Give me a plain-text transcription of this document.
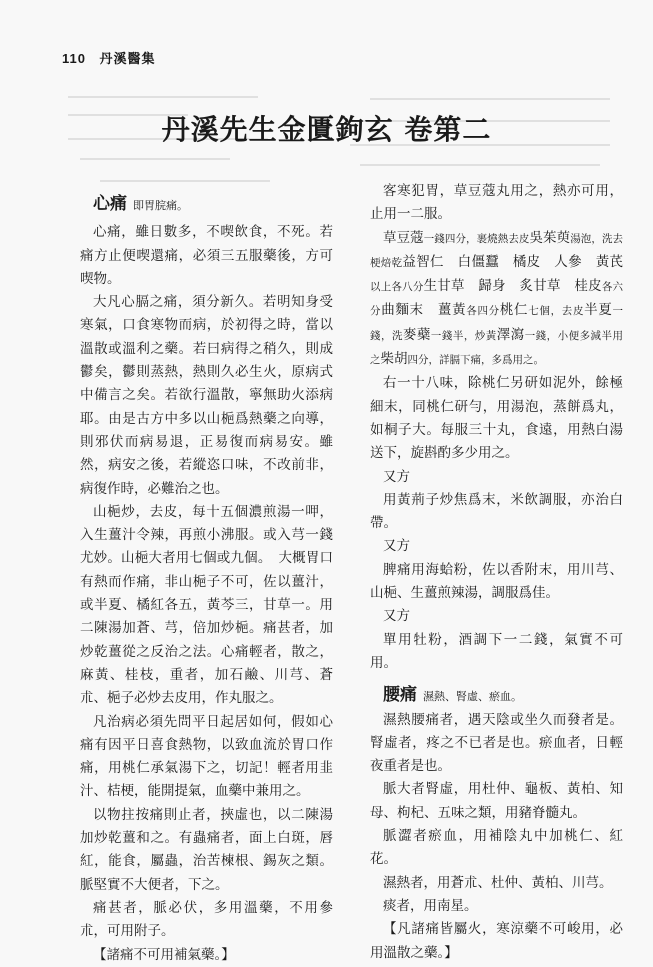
110 丹溪醫集
丹溪先生金匱鉤玄 卷第二
心痛 即胃脘痛。

心痛，雖日數多，不喫飲食，不死。若痛方止便喫還痛，必須三五服藥後，方可喫物。

大凡心膈之痛，須分新久。若明知身受寒氣，口食寒物而病，於初得之時，當以溫散或溫利之藥。若曰病得之稍久，則成鬱矣，鬱則蒸熱，熱則久必生火，原病式中備言之矣。若欲行溫散，寧無助火添病耶。由是古方中多以山梔爲熱藥之向導，則邪伏而病易退，正易復而病易安。雖然，病安之後，若縱恣口味，不改前非，病復作時，必難治之也。

山梔炒，去皮，每十五個濃煎湯一呷，入生薑汁令辣，再煎小沸服。或入芎一錢尤妙。山梔大者用七個或九個。　大概胃口有熱而作痛，非山梔子不可，佐以薑汁，或半夏、橘紅各五，黃芩三，甘草一。用二陳湯加蒼、芎，倍加炒梔。痛甚者，加炒乾薑從之反治之法。心痛輕者，散之，麻黃、桂枝，重者，加石鹼、川芎、蒼朮、梔子必炒去皮用，作丸服之。

凡治病必須先問平日起居如何，假如心痛有因平日喜食熱物，以致血流於胃口作痛，用桃仁承氣湯下之，切記！輕者用韭汁、桔梗，能開提氣，血藥中兼用之。

以物拄按痛則止者，挾虛也，以二陳湯加炒乾薑和之。有蟲痛者，面上白斑，唇紅，能食，屬蟲，治苦楝根、錫灰之類。脈堅實不大便者，下之。

痛甚者，脈必伏，多用溫藥，不用參朮，可用附子。

【諸痛不可用補氣藥。】

客寒犯胃，草豆蔻丸用之，熱亦可用，止用一二服。

草豆蔻一錢四分，裹燒熱去皮吳茱萸湯泡，洗去梗焙乾益智仁　白僵蠶　橘皮　人參　黃芪以上各八分生甘草　歸身　炙甘草　桂皮各六分曲麵末　薑黃各四分桃仁七個，去皮半夏一錢，洗麥蘗一錢半，炒黃澤瀉一錢，小便多減半用之柴胡四分，詳膈下痛，多爲用之。

右一十八味，除桃仁另研如泥外，餘極細末，同桃仁研勻，用湯泡，蒸餅爲丸，如桐子大。每服三十丸，食遠，用熱白湯送下，旋斟酌多少用之。

又方

用黃荊子炒焦爲末，米飲調服，亦治白帶。

又方

脾痛用海蛤粉，佐以香附末，用川芎、山梔、生薑煎辣湯，調服爲佳。

又方

單用牡粉，酒調下一二錢，氣實不可用。

腰痛 濕熱、腎虛、瘀血。

濕熱腰痛者，遇天陰或坐久而發者是。腎虛者，疼之不已者是也。瘀血者，日輕夜重者是也。

脈大者腎虛，用杜仲、龜板、黃柏、知母、枸杞、五味之類，用豬脊髓丸。

脈澀者瘀血，用補陰丸中加桃仁、紅花。

濕熱者，用蒼朮、杜仲、黃柏、川芎。

痰者，用南星。

【凡諸痛皆屬火，寒涼藥不可峻用，必用溫散之藥。】
